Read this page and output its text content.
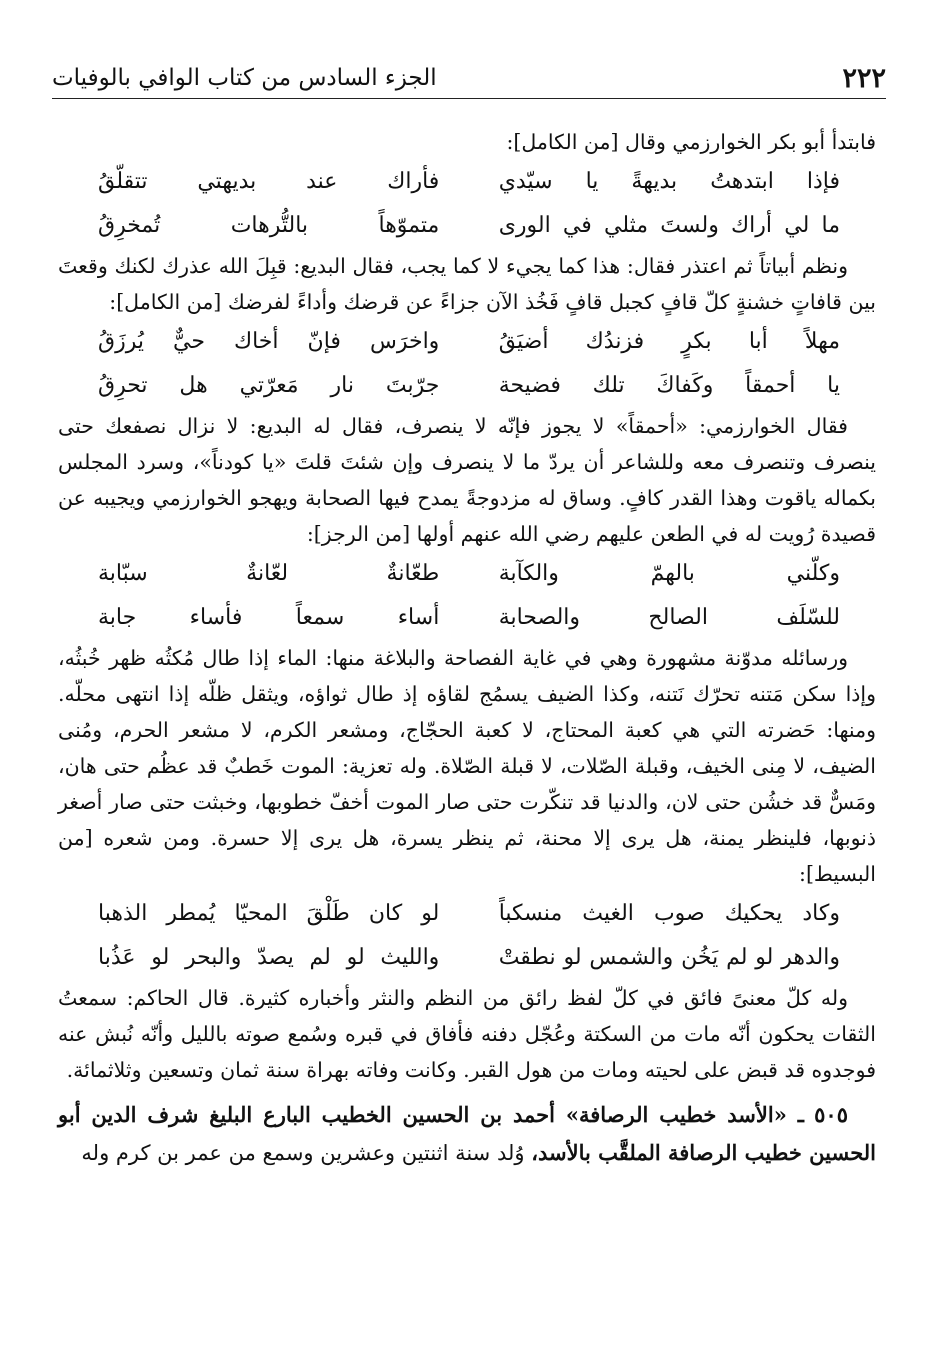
٢٢٢
الجزء السادس من كتاب الوافي بالوفيات

فابتدأ أبو بكر الخوارزمي وقال [من الكامل]:

فإذا ابتدهتُ بديهةً يا سيّدي
فأراك عند بديهتي تتقلّقُ
ما لي أراك ولستَ مثلي في الورى
متموّهاً بالتُّرهات تُمخرِقُ

ونظم أبياتاً ثم اعتذر فقال: هذا كما يجيء لا كما يجب، فقال البديع: قبِلَ الله عذرك لكنك وقعتَ بين قافاتٍ خشنةٍ كلّ قافٍ كجبل قافٍ فَخُذ الآن جزاءً عن قرضك وأداءً لفرضك [من الكامل]:

مهلاً أبا بكرٍ فزندُك أضيَقُ
واخرَس فإنّ أخاك حيٌّ يُرزَقُ
يا أحمقاً وكَفاكَ تلك فضيحة
جرّبتَ نار مَعرّتي هل تحرِقُ

فقال الخوارزمي: «أحمقاً» لا يجوز فإنّه لا ينصرف، فقال له البديع: لا نزال نصفعك حتى ينصرف وتنصرف معه وللشاعر أن يردّ ما لا ينصرف وإن شئتَ قلتَ «يا كودناً»، وسرد المجلس بكماله ياقوت وهذا القدر كافٍ. وساق له مزدوجةً يمدح فيها الصحابة ويهجو الخوارزمي ويجيبه عن قصيدة رُويت له في الطعن عليهم رضي الله عنهم أولها [من الرجز]:

وكلّني بالهمّ والكآبة
طعّانةٌ لعّانةٌ سبّابة
للسّلَف الصالح والصحابة
أساء سمعاً فأساء جابة

ورسائله مدوّنة مشهورة وهي في غاية الفصاحة والبلاغة منها: الماء إذا طال مُكثُه ظهر خُبثُه، وإذا سكن مَتنه تحرّك نَتنه، وكذا الضيف يسمُج لقاؤه إذ طال ثواؤه، ويثقل ظلّه إذا انتهى محلّه. ومنها: حَضرته التي هي كعبة المحتاج، لا كعبة الحجّاج، ومشعر الكرم، لا مشعر الحرم، ومُنى الضيف، لا مِنى الخيف، وقبلة الصّلات، لا قبلة الصّلاة. وله تعزية: الموت خَطبٌ قد عظُم حتى هان، ومَسٌّ قد خشُن حتى لان، والدنيا قد تنكّرت حتى صار الموت أخفّ خطوبها، وخبثت حتى صار أصغر ذنوبها، فلينظر يمنة، هل يرى إلا محنة، ثم ينظر يسرة، هل يرى إلا حسرة. ومن شعره [من البسيط]:

وكاد يحكيك صوب الغيث منسكباً
لو كان طَلْقَ المحيّا يُمطر الذهبا
والدهر لو لم يَخُن والشمس لو نطقتْ
والليث لو لم يصدّ والبحر لو عَذُبا

وله كلّ معنىً فائق في كلّ لفظ رائق من النظم والنثر وأخباره كثيرة. قال الحاكم: سمعتُ الثقات يحكون أنّه مات من السكتة وعُجّل دفنه فأفاق في قبره وسُمع صوته بالليل وأنّه نُبش عنه فوجدوه قد قبض على لحيته ومات من هول القبر. وكانت وفاته بهراة سنة ثمان وتسعين وثلاثمائة.

٥٠٥ ـ «الأسد خطيب الرصافة» أحمد بن الحسين الخطيب البارع البليغ شرف الدين أبو الحسين خطيب الرصافة الملقَّب بالأسد، وُلد سنة اثنتين وعشرين وسمع من عمر بن كرم وله
